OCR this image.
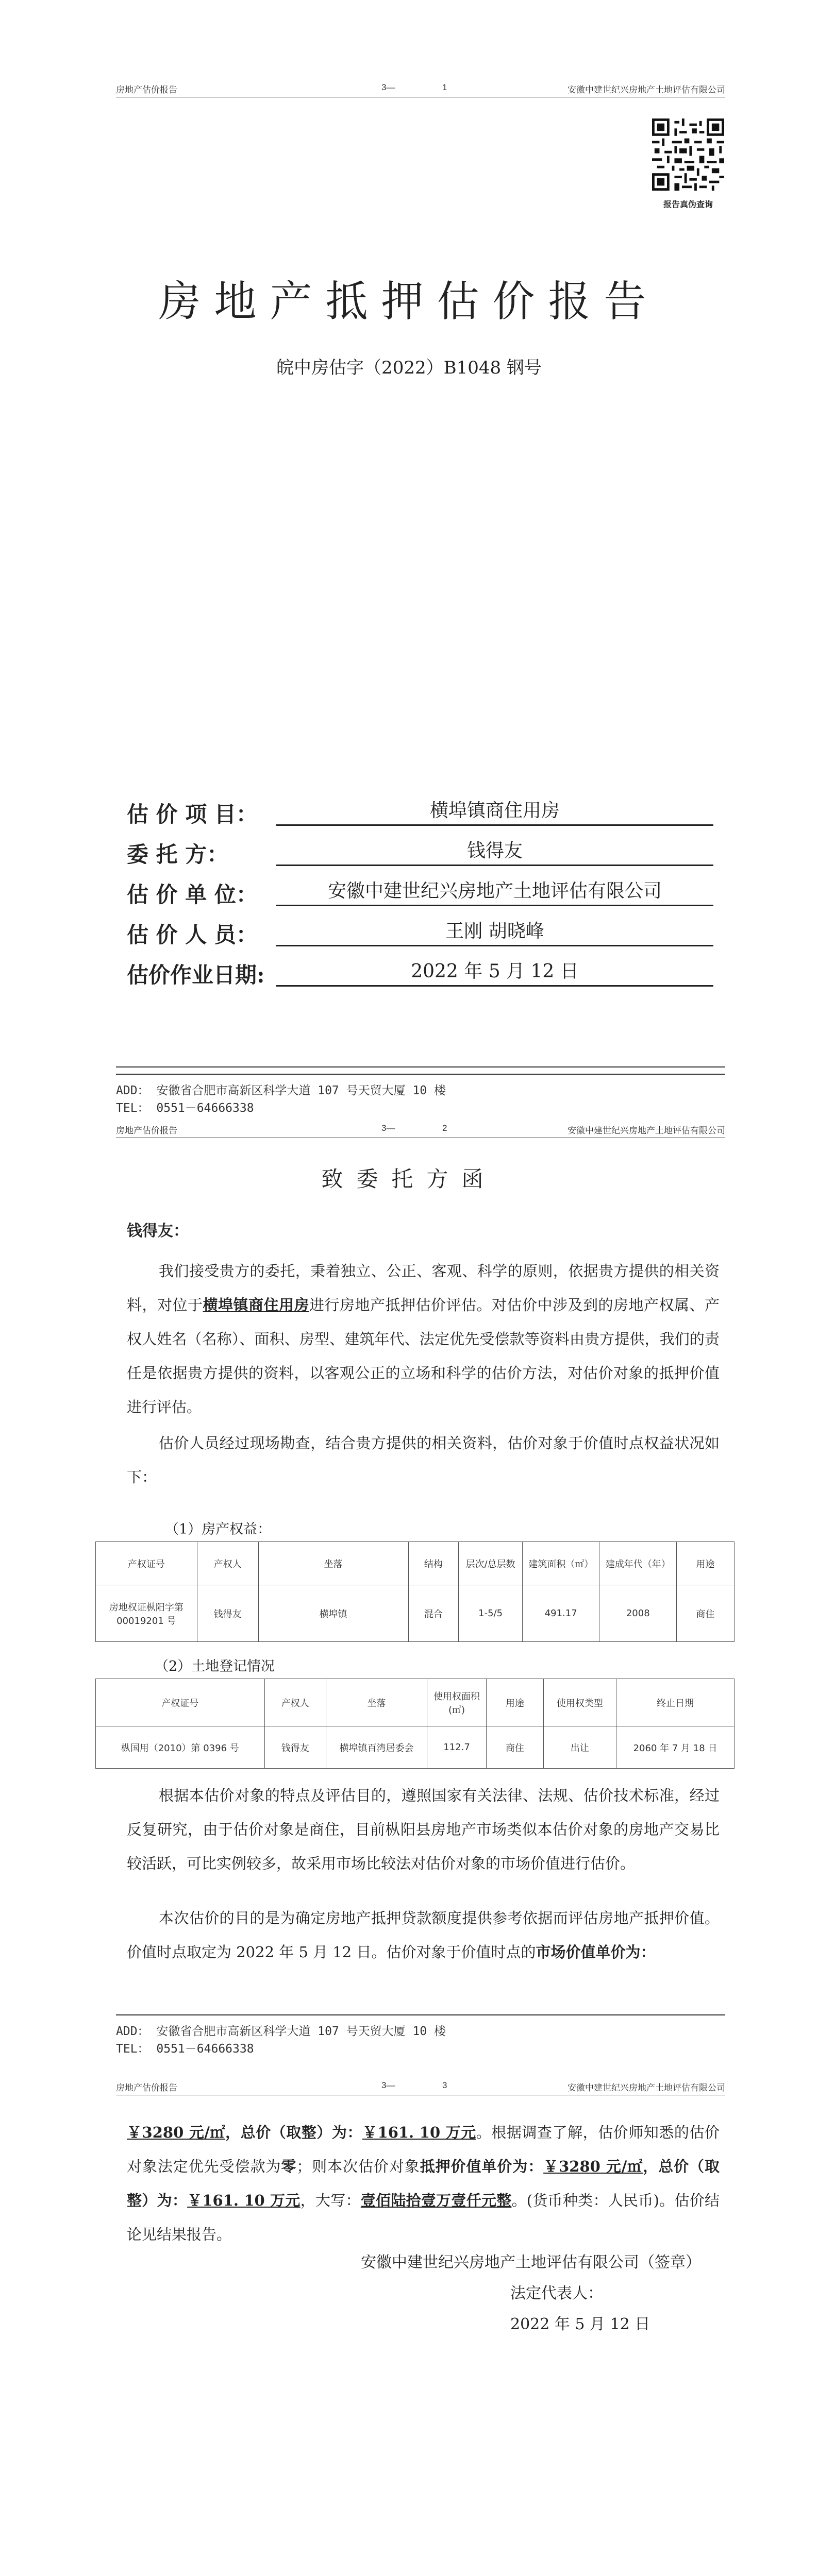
房地产估价报告	3—	1	安徽中建世纪兴房地产土地评估有限公司
报告真伪查询
房地产抵押估价报告
皖中房估字（2022）B1048 钢号
估 价 项 目：	横埠镇商住用房
委 托 方：	钱得友
估 价 单 位：	安徽中建世纪兴房地产土地评估有限公司
估 价 人 员：	王刚 胡晓峰
估价作业日期:	2022 年 5 月 12 日
ADD： 安徽省合肥市高新区科学大道 107 号天贸大厦 10 楼
TEL： 0551－64666338
房地产估价报告	3—	2	安徽中建世纪兴房地产土地评估有限公司
致委托方函
钱得友：
我们接受贵方的委托，秉着独立、公正、客观、科学的原则，依据贵方提供的相关资料，对位于横埠镇商住用房进行房地产抵押估价评估。对估价中涉及到的房地产权属、产权人姓名（名称）、面积、房型、建筑年代、法定优先受偿款等资料由贵方提供，我们的责任是依据贵方提供的资料，以客观公正的立场和科学的估价方法，对估价对象的抵押价值进行评估。
估价人员经过现场勘查，结合贵方提供的相关资料，估价对象于价值时点权益状况如下：
（1）房产权益：
产权证号	产权人	坐落	结构	层次/总层数	建筑面积（㎡）	建成年代（年）	用途
房地权证枞阳字第00019201 号	钱得友	横埠镇	混合	1-5/5	491.17	2008	商住
（2）土地登记情况
产权证号	产权人	坐落	使用权面积(㎡)	用途	使用权类型	终止日期
枞国用（2010）第 0396 号	钱得友	横埠镇百湾居委会	112.7	商住	出让	2060 年 7 月 18 日
根据本估价对象的特点及评估目的，遵照国家有关法律、法规、估价技术标准，经过反复研究，由于估价对象是商住，目前枞阳县房地产市场类似本估价对象的房地产交易比较活跃，可比实例较多，故采用市场比较法对估价对象的市场价值进行估价。
本次估价的目的是为确定房地产抵押贷款额度提供参考依据而评估房地产抵押价值。价值时点取定为 2022 年 5 月 12 日。估价对象于价值时点的市场价值单价为：
ADD： 安徽省合肥市高新区科学大道 107 号天贸大厦 10 楼
TEL： 0551－64666338
房地产估价报告	3—	3	安徽中建世纪兴房地产土地评估有限公司
￥3280 元/㎡，总价（取整）为：￥161. 10 万元。根据调查了解，估价师知悉的估价对象法定优先受偿款为零；则本次估价对象抵押价值单价为：￥3280 元/㎡，总价（取整）为：￥161. 10 万元，大写：壹佰陆拾壹万壹仟元整。(货币种类：人民币)。估价结论见结果报告。
安徽中建世纪兴房地产土地评估有限公司（签章）
法定代表人：
2022 年 5 月 12 日
